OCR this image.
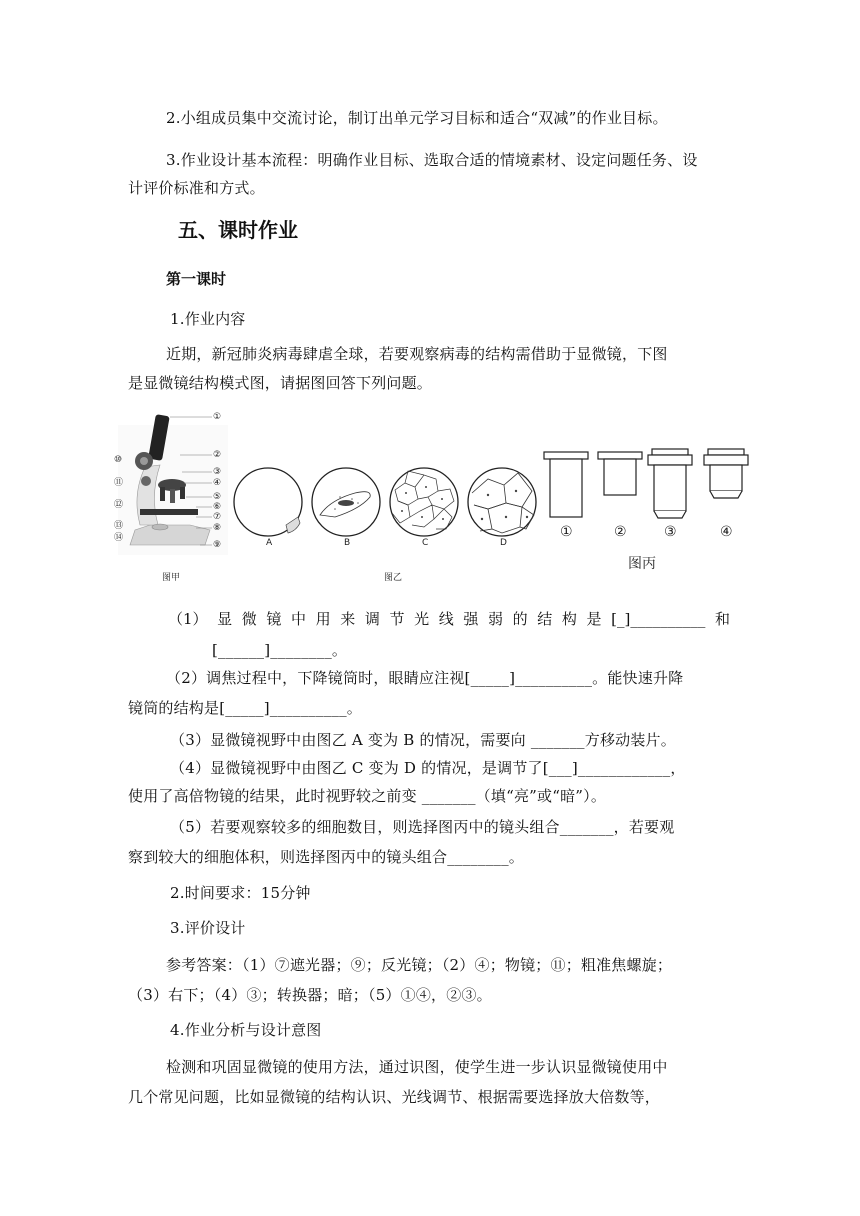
2.小组成员集中交流讨论，制订出单元学习目标和适合“双减”的作业目标。
3.作业设计基本流程：明确作业目标、选取合适的情境素材、设定问题任务、设
计评价标准和方式。
五、课时作业
第一课时
1.作业内容
近期，新冠肺炎病毒肆虐全球，若要观察病毒的结构需借助于显微镜，下图
是显微镜结构模式图，请据图回答下列问题。
①
②
③
④
⑤
⑥
⑦
⑧
⑨
⑩
⑪
⑫
⑬
⑭
图甲
A	B	C	D
图乙
①	②	③	④
图丙
（1） 显 微 镜 中 用 来 调 节 光 线 强 弱 的 结 构 是 [_]__________ 和
[______]________。
（2）调焦过程中，下降镜筒时，眼睛应注视[_____]__________。能快速升降
镜筒的结构是[_____]__________。
（3）显微镜视野中由图乙 A 变为 B 的情况，需要向 _______方移动装片。
（4）显微镜视野中由图乙 C 变为 D 的情况，是调节了[___]____________，
使用了高倍物镜的结果，此时视野较之前变 _______（填“亮”或“暗”）。
（5）若要观察较多的细胞数目，则选择图丙中的镜头组合_______，若要观
察到较大的细胞体积，则选择图丙中的镜头组合________。
2.时间要求：15分钟
3.评价设计
参考答案：（1）⑦遮光器；⑨；反光镜；（2）④；物镜；⑪；粗准焦螺旋；
（3）右下；（4）③；转换器；暗；（5）①④，②③。
4.作业分析与设计意图
检测和巩固显微镜的使用方法，通过识图，使学生进一步认识显微镜使用中
几个常见问题，比如显微镜的结构认识、光线调节、根据需要选择放大倍数等，
